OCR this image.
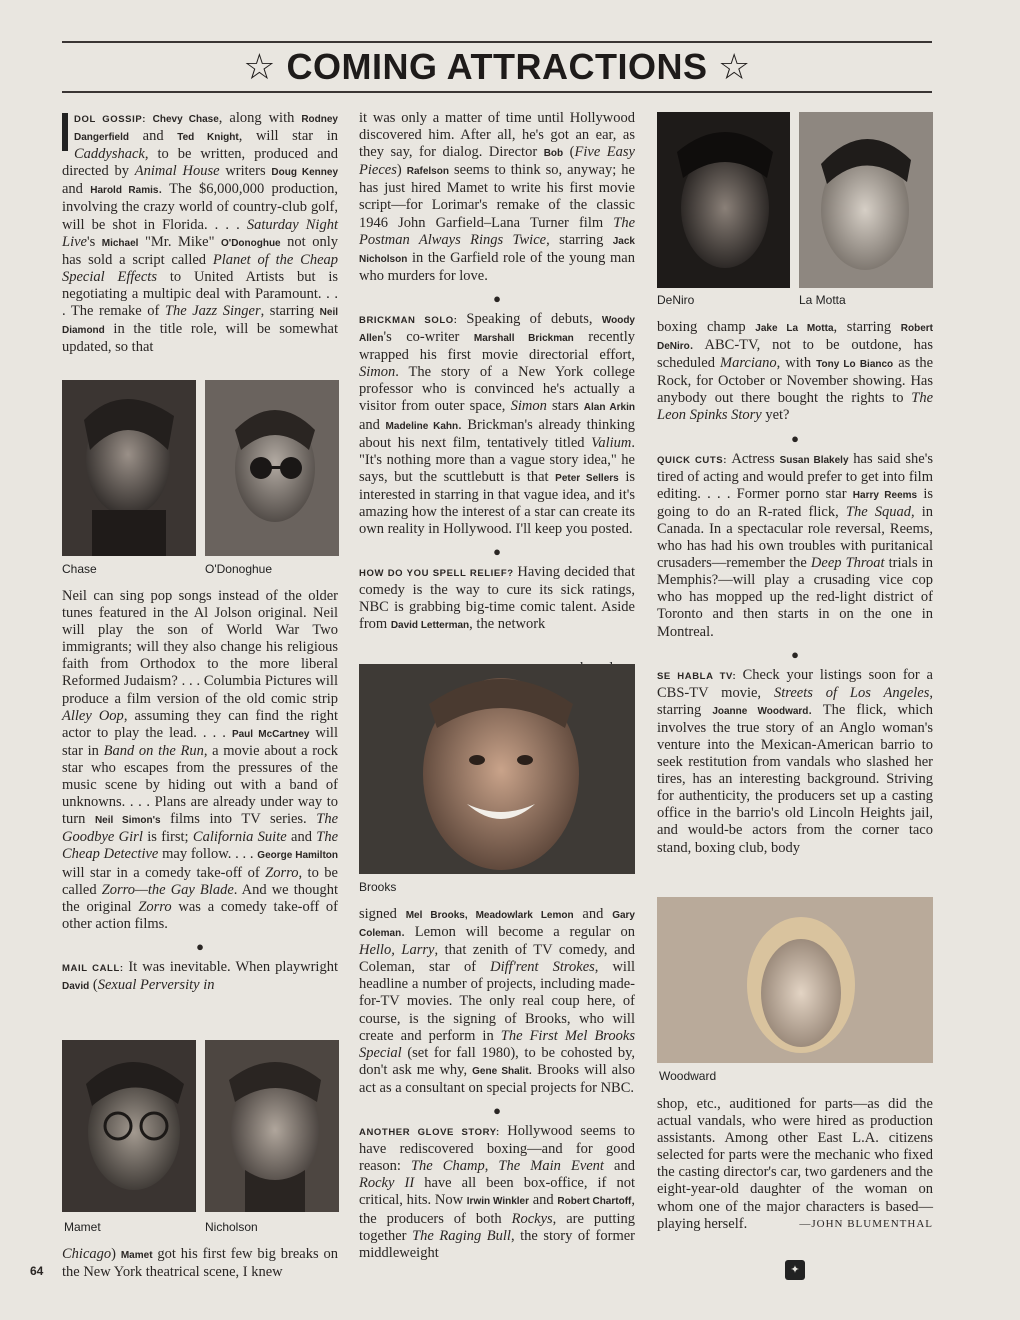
☆ COMING ATTRACTIONS ☆

DOL GOSSIP: Chevy Chase, along with Rodney Dangerfield and Ted Knight, will star in Caddyshack, to be written, produced and directed by Animal House writers Doug Kenney and Harold Ramis. The $6,000,000 production, involving the crazy world of country-club golf, will be shot in Florida. . . . Saturday Night Live's Michael "Mr. Mike" O'Donoghue not only has sold a script called Planet of the Cheap Special Effects to United Artists but is negotiating a multipic deal with Paramount. . . . The remake of The Jazz Singer, starring Neil Diamond in the title role, will be somewhat updated, so that

Chase	O'Donoghue

Neil can sing pop songs instead of the older tunes featured in the Al Jolson original. Neil will play the son of World War Two immigrants; will they also change his religious faith from Orthodox to the more liberal Reformed Judaism? . . . Columbia Pictures will produce a film version of the old comic strip Alley Oop, assuming they can find the right actor to play the lead. . . . Paul McCartney will star in Band on the Run, a movie about a rock star who escapes from the pressures of the music scene by hiding out with a band of unknowns. . . . Plans are already under way to turn Neil Simon's films into TV series. The Goodbye Girl is first; California Suite and The Cheap Detective may follow. . . . George Hamilton will star in a comedy take-off of Zorro, to be called Zorro—the Gay Blade. And we thought the original Zorro was a comedy take-off of other action films.

●

MAIL CALL: It was inevitable. When playwright David (Sexual Perversity in

Mamet	Nicholson

Chicago) Mamet got his first few big breaks on the New York theatrical scene, I knew

it was only a matter of time until Hollywood discovered him. After all, he's got an ear, as they say, for dialog. Director Bob (Five Easy Pieces) Rafelson seems to think so, anyway; he has just hired Mamet to write his first movie script—for Lorimar's remake of the classic 1946 John Garfield–Lana Turner film The Postman Always Rings Twice, starring Jack Nicholson in the Garfield role of the young man who murders for love.

●

BRICKMAN SOLO: Speaking of debuts, Woody Allen's co-writer Marshall Brickman recently wrapped his first movie directorial effort, Simon. The story of a New York college professor who is convinced he's actually a visitor from outer space, Simon stars Alan Arkin and Madeline Kahn. Brickman's already thinking about his next film, tentatively titled Valium. "It's nothing more than a vague story idea," he says, but the scuttlebutt is that Peter Sellers is interested in starring in that vague idea, and it's amazing how the interest of a star can create its own reality in Hollywood. I'll keep you posted.

●

HOW DO YOU SPELL RELIEF? Having decided that comedy is the way to cure its sick ratings, NBC is grabbing big-time comic talent. Aside from David Letterman, the network

Brooks

signed Mel Brooks, Meadowlark Lemon and Gary Coleman. Lemon will become a regular on Hello, Larry, that zenith of TV comedy, and Coleman, star of Diff'rent Strokes, will headline a number of projects, including made-for-TV movies. The only real coup here, of course, is the signing of Brooks, who will create and perform in The First Mel Brooks Special (set for fall 1980), to be cohosted by, don't ask me why, Gene Shalit. Brooks will also act as a consultant on special projects for NBC.

●

ANOTHER GLOVE STORY: Hollywood seems to have rediscovered boxing—and for good reason: The Champ, The Main Event and Rocky II have all been box-office, if not critical, hits. Now Irwin Winkler and Robert Chartoff, the producers of both Rockys, are putting together The Raging Bull, the story of former middleweight

DeNiro	La Motta

boxing champ Jake La Motta, starring Robert DeNiro. ABC-TV, not to be outdone, has scheduled Marciano, with Tony Lo Bianco as the Rock, for October or November showing. Has anybody out there bought the rights to The Leon Spinks Story yet?

●

QUICK CUTS: Actress Susan Blakely has said she's tired of acting and would prefer to get into film editing. . . . Former porno star Harry Reems is going to do an R-rated flick, The Squad, in Canada. In a spectacular role reversal, Reems, who has had his own troubles with puritanical crusaders—remember the Deep Throat trials in Memphis?—will play a crusading vice cop who has mopped up the red-light district of Toronto and then starts in on the one in Montreal.

●

SE HABLA TV: Check your listings soon for a CBS-TV movie, Streets of Los Angeles, starring Joanne Woodward. The flick, which involves the true story of an Anglo woman's venture into the Mexican-American barrio to seek restitution from vandals who slashed her tires, has an interesting background. Striving for authenticity, the producers set up a casting office in the barrio's old Lincoln Heights jail, and would-be actors from the corner taco stand, boxing club, body

Woodward

shop, etc., auditioned for parts—as did the actual vandals, who were hired as production assistants. Among other East L.A. citizens selected for parts were the mechanic who fixed the casting director's car, two gardeners and the eight-year-old daughter of the woman on whom one of the major characters is based—playing herself.	—JOHN BLUMENTHAL

64	✦
